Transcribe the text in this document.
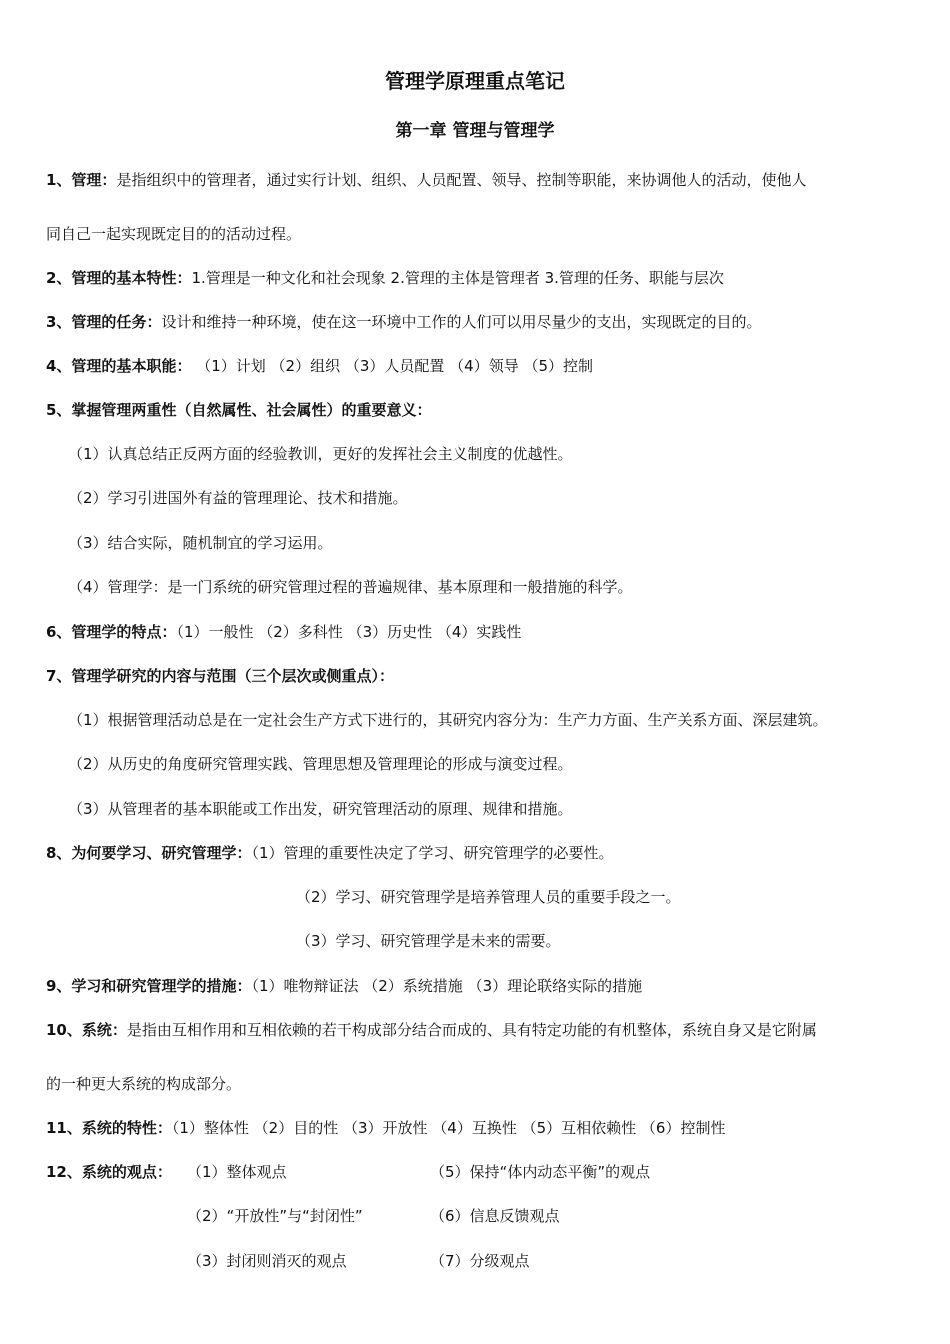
管理学原理重点笔记
第一章 管理与管理学
1、管理：是指组织中的管理者，通过实行计划、组织、人员配置、领导、控制等职能，来协调他人的活动，使他人
同自己一起实现既定目的的活动过程。
2、管理的基本特性：1.管理是一种文化和社会现象 2.管理的主体是管理者 3.管理的任务、职能与层次
3、管理的任务：设计和维持一种环境，使在这一环境中工作的人们可以用尽量少的支出，实现既定的目的。
4、管理的基本职能： （1）计划 （2）组织 （3）人员配置 （4）领导 （5）控制
5、掌握管理两重性（自然属性、社会属性）的重要意义：
（1）认真总结正反两方面的经验教训，更好的发挥社会主义制度的优越性。
（2）学习引进国外有益的管理理论、技术和措施。
（3）结合实际，随机制宜的学习运用。
（4）管理学：是一门系统的研究管理过程的普遍规律、基本原理和一般措施的科学。
6、管理学的特点：（1）一般性 （2）多科性 （3）历史性 （4）实践性
7、管理学研究的内容与范围（三个层次或侧重点）：
（1）根据管理活动总是在一定社会生产方式下进行的，其研究内容分为：生产力方面、生产关系方面、深层建筑。
（2）从历史的角度研究管理实践、管理思想及管理理论的形成与演变过程。
（3）从管理者的基本职能或工作出发，研究管理活动的原理、规律和措施。
8、为何要学习、研究管理学：（1）管理的重要性决定了学习、研究管理学的必要性。
（2）学习、研究管理学是培养管理人员的重要手段之一。
（3）学习、研究管理学是未来的需要。
9、学习和研究管理学的措施：（1）唯物辩证法 （2）系统措施 （3）理论联络实际的措施
10、系统：是指由互相作用和互相依赖的若干构成部分结合而成的、具有特定功能的有机整体，系统自身又是它附属
的一种更大系统的构成部分。
11、系统的特性：（1）整体性 （2）目的性 （3）开放性 （4）互换性 （5）互相依赖性 （6）控制性
12、系统的观点：	（1）整体观点	（5）保持“体内动态平衡”的观点
（2）“开放性”与“封闭性”	（6）信息反馈观点
（3）封闭则消灭的观点	（7）分级观点
